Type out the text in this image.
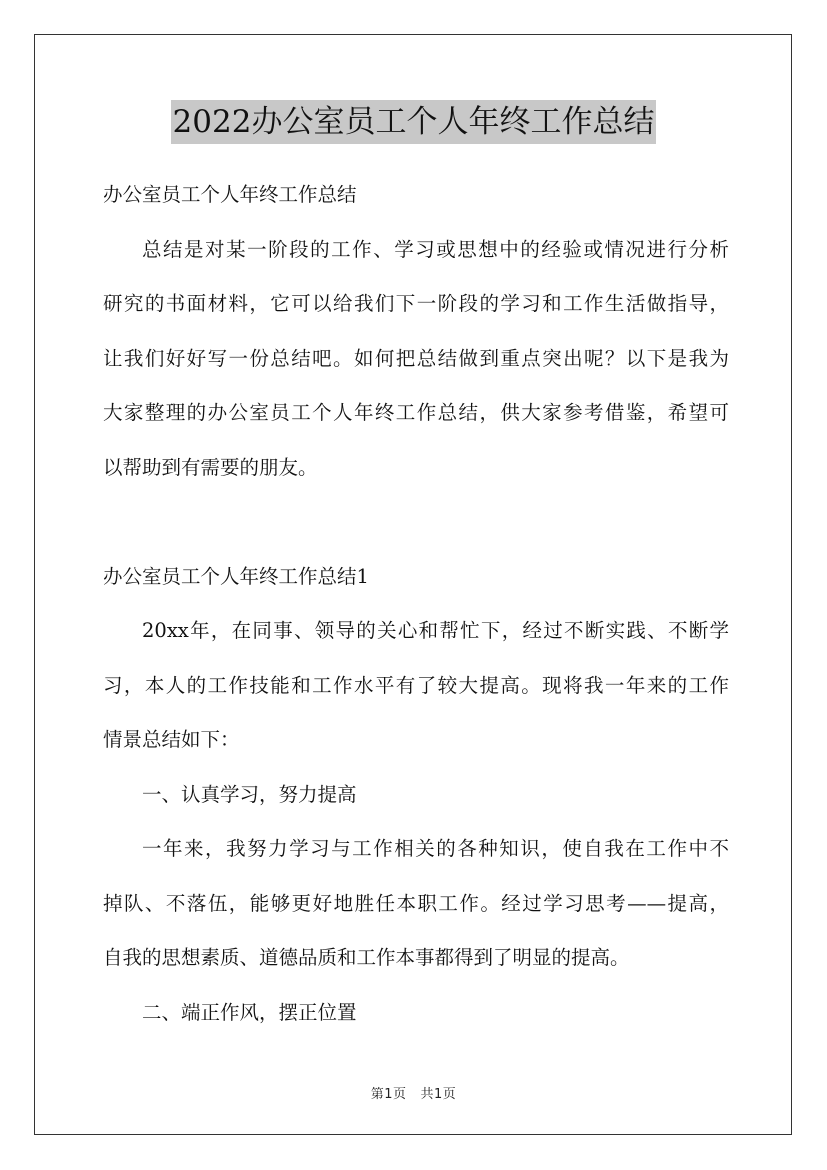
2022办公室员工个人年终工作总结
办公室员工个人年终工作总结
总结是对某一阶段的工作、学习或思想中的经验或情况进行分析
研究的书面材料，它可以给我们下一阶段的学习和工作生活做指导，
让我们好好写一份总结吧。如何把总结做到重点突出呢？以下是我为
大家整理的办公室员工个人年终工作总结，供大家参考借鉴，希望可
以帮助到有需要的朋友。
办公室员工个人年终工作总结1
20xx年，在同事、领导的关心和帮忙下，经过不断实践、不断学
习，本人的工作技能和工作水平有了较大提高。现将我一年来的工作
情景总结如下：
一、认真学习，努力提高
一年来，我努力学习与工作相关的各种知识，使自我在工作中不
掉队、不落伍，能够更好地胜任本职工作。经过学习思考——提高，
自我的思想素质、道德品质和工作本事都得到了明显的提高。
二、端正作风，摆正位置
第1页 共1页
